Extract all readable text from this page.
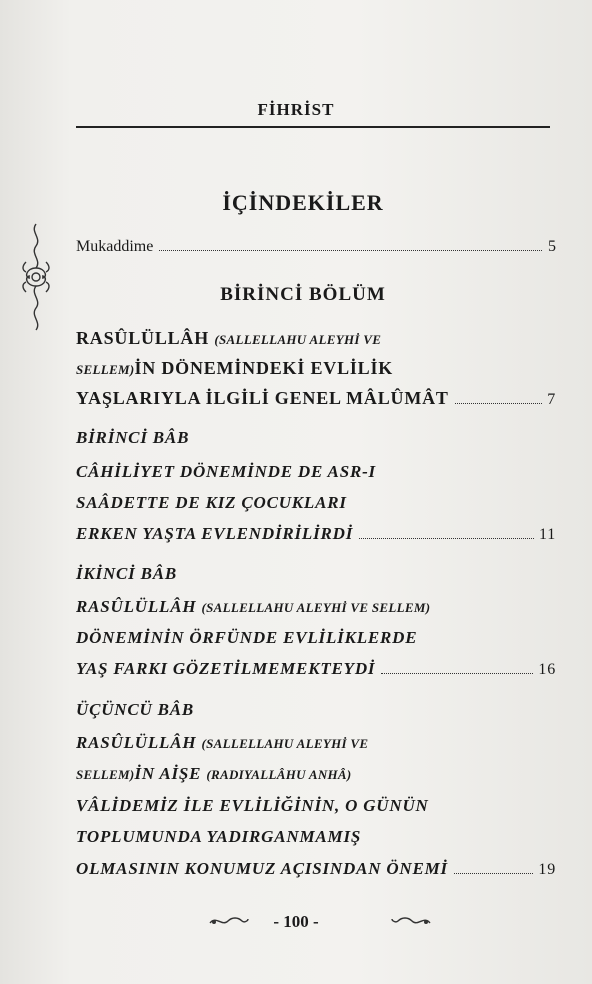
FİHRİST
İÇİNDEKİLER
Mukaddime	5
BİRİNCİ BÖLÜM
RASÛLÜLLÂH (SALLELLAHU ALEYHİ VE
SELLEM)İN DÖNEMİNDEKİ EVLİLİK
YAŞLARIYLA İLGİLİ GENEL MÂLÛMÂT	7
BİRİNCİ BÂB
CÂHİLİYET DÖNEMİNDE DE ASR-I
SAÂDETTE DE KIZ ÇOCUKLARI
ERKEN YAŞTA EVLENDİRİLİRDİ	11
İKİNCİ BÂB
RASÛLÜLLÂH (SALLELLAHU ALEYHİ VE SELLEM)
DÖNEMİNİN ÖRFÜNDE EVLİLİKLERDE
YAŞ FARKI GÖZETİLMEMEKTEYDİ	16
ÜÇÜNCÜ BÂB
RASÛLÜLLÂH (SALLELLAHU ALEYHİ VE
SELLEM)İN AİŞE (RADIYALLÂHU ANHÂ)
VÂLİDEMİZ İLE EVLİLİĞİNİN, O GÜNÜN
TOPLUMUNDA YADIRGANMAMIŞ
OLMASININ KONUMUZ AÇISINDAN ÖNEMİ	19
- 100 -
